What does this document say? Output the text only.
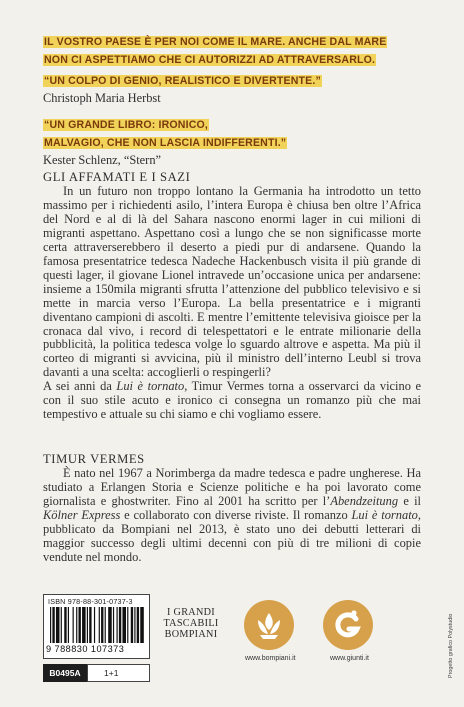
IL VOSTRO PAESE È PER NOI COME IL MARE. ANCHE DAL MARE
NON CI ASPETTIAMO CHE CI AUTORIZZI AD ATTRAVERSARLO.
“UN COLPO DI GENIO, REALISTICO E DIVERTENTE.”
Christoph Maria Herbst
“UN GRANDE LIBRO: IRONICO,
MALVAGIO, CHE NON LASCIA INDIFFERENTI.”
Kester Schlenz, “Stern”
GLI AFFAMATI E I SAZI

In un futuro non troppo lontano la Germania ha introdotto un tetto massimo per i richiedenti asilo, l’intera Europa è chiusa ben oltre l’Africa del Nord e al di là del Sahara nascono enormi lager in cui milioni di migranti aspettano. Aspettano così a lungo che se non significasse morte certa attraverserebbero il deserto a piedi pur di andarsene. Quando la famosa presentatrice tedesca Nadeche Hackenbusch visita il più grande di questi lager, il giovane Lionel intravede un’occasione unica per andarsene: insieme a 150mila migranti sfrutta l’attenzione del pubblico televisivo e si mette in marcia verso l’Europa. La bella presentatrice e i migranti diventano campioni di ascolti. E mentre l’emittente televisiva gioisce per la cronaca dal vivo, i record di telespettatori e le entrate milionarie della pubblicità, la politica tedesca volge lo sguardo altrove e aspetta. Ma più il corteo di migranti si avvicina, più il ministro dell’interno Leubl si trova davanti a una scelta: accoglierli o respingerli?

A sei anni da Lui è tornato, Timur Vermes torna a osservarci da vicino e con il suo stile acuto e ironico ci consegna un romanzo più che mai tempestivo e attuale su chi siamo e chi vogliamo essere.

TIMUR VERMES

È nato nel 1967 a Norimberga da madre tedesca e padre ungherese. Ha studiato a Erlangen Storia e Scienze politiche e ha poi lavorato come giornalista e ghostwriter. Fino al 2001 ha scritto per l’Abendzeitung e il Kölner Express e collaborato con diverse riviste. Il romanzo Lui è tornato, pubblicato da Bompiani nel 2013, è stato uno dei debutti letterari di maggior successo degli ultimi decenni con più di tre milioni di copie vendute nel mondo.

ISBN 978-88-301-0737-3
9 788830 107373
B0495A	1+1
I GRANDI
TASCABILI
BOMPIANI
www.bompiani.it	www.giunti.it	Progetto grafico Polystudio
